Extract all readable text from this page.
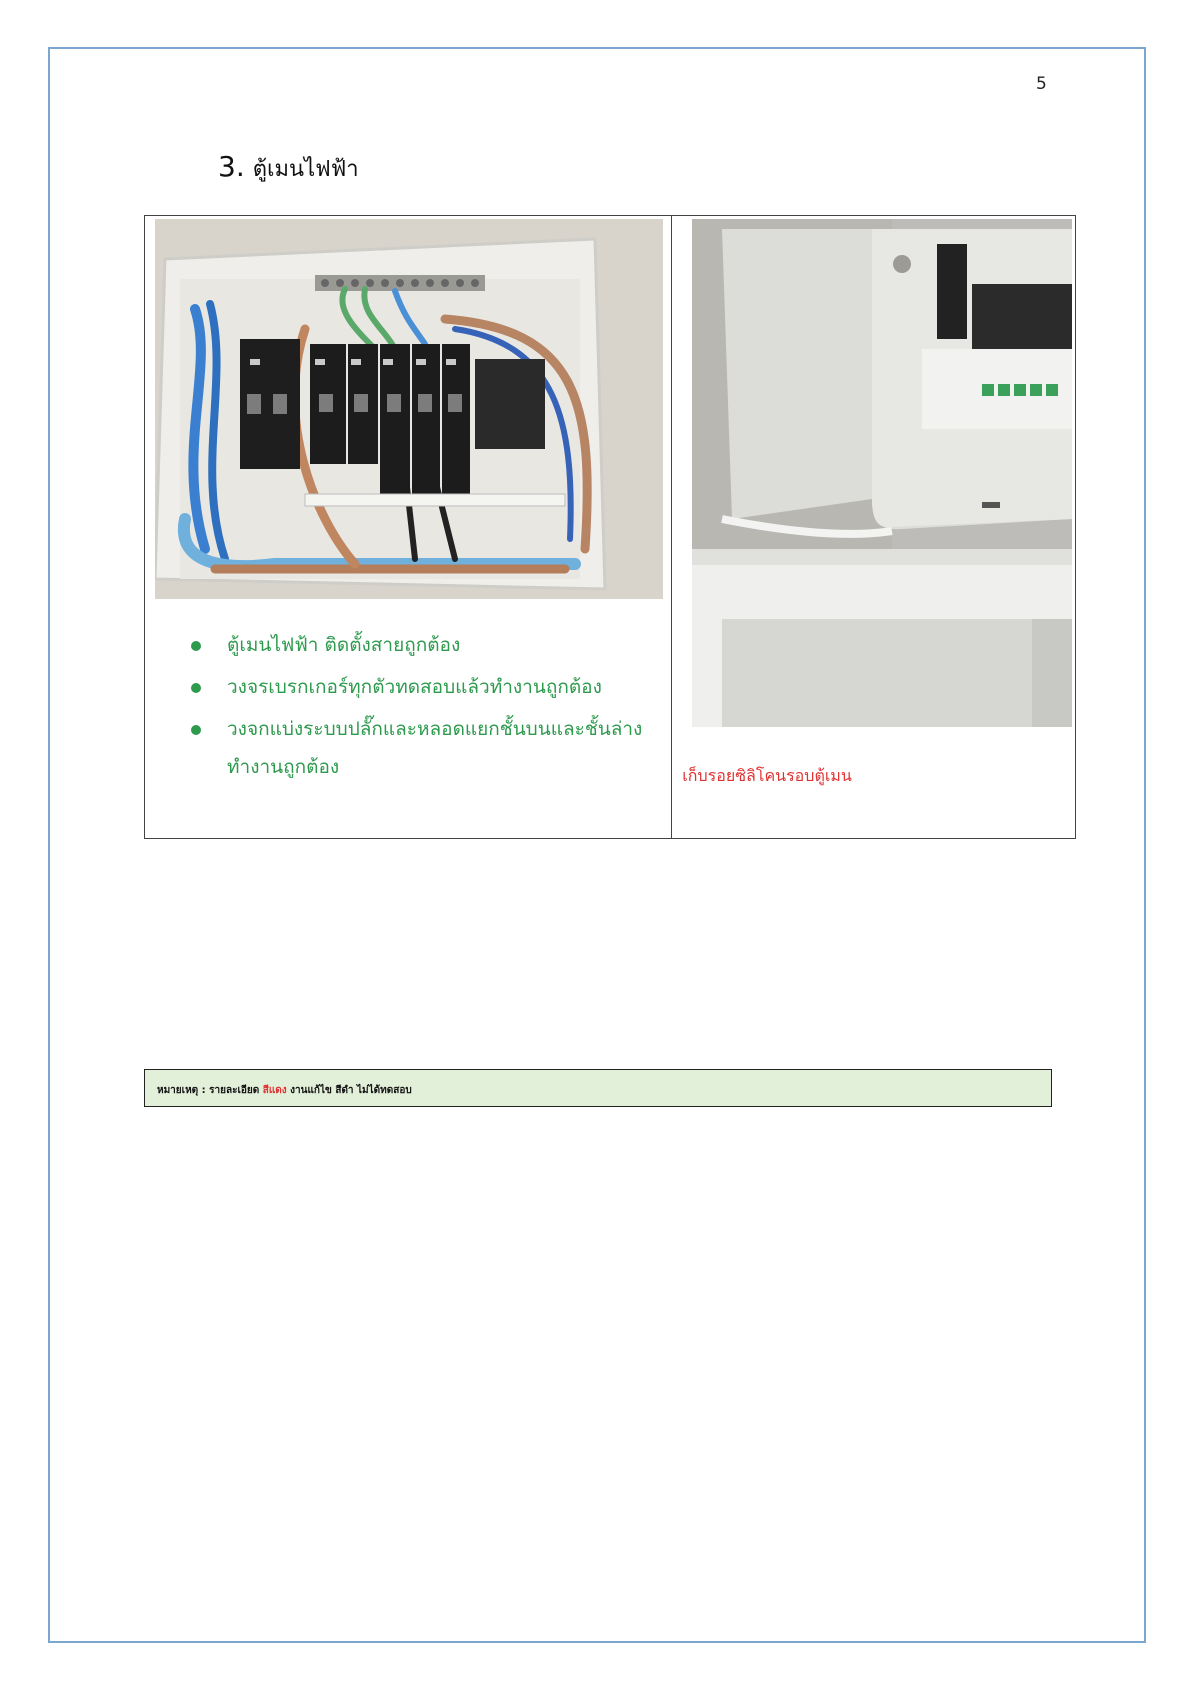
5
3. ตู้เมนไฟฟ้า
ตู้เมนไฟฟ้า ติดตั้งสายถูกต้อง
วงจรเบรกเกอร์ทุกตัวทดสอบแล้วทำงานถูกต้อง
วงจกแบ่งระบบปลั๊กและหลอดแยกชั้นบนและชั้นล่างทำงานถูกต้อง	เก็บรอยซิลิโคนรอบตู้เมน
หมายเหตุ : รายละเอียด สีแดง งานแก้ไข สีดำ ไม่ได้ทดสอบ
